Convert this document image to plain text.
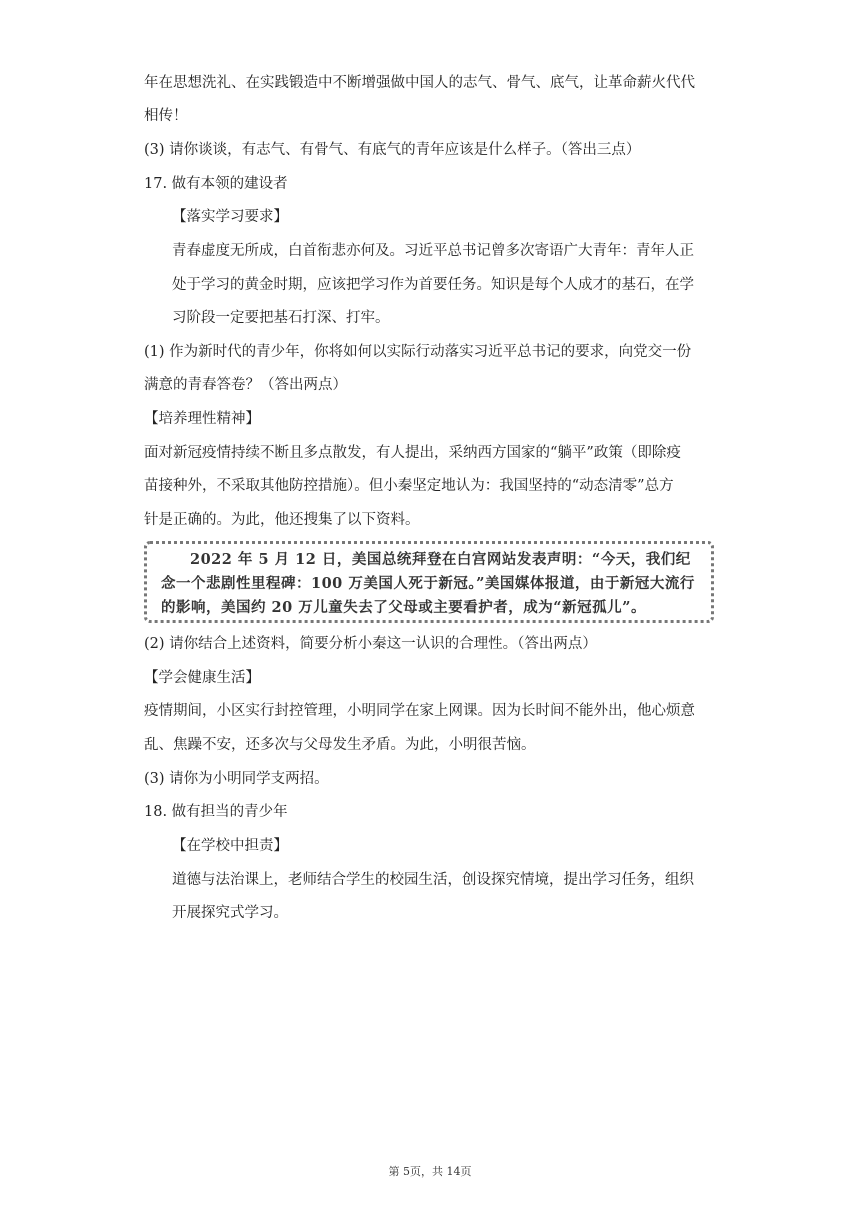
年在思想洗礼、在实践锻造中不断增强做中国人的志气、骨气、底气，让革命薪火代代
相传！
(3) 请你谈谈，有志气、有骨气、有底气的青年应该是什么样子。（答出三点）
17. 做有本领的建设者
【落实学习要求】
青春虚度无所成，白首衔悲亦何及。习近平总书记曾多次寄语广大青年：青年人正
处于学习的黄金时期，应该把学习作为首要任务。知识是每个人成才的基石，在学
习阶段一定要把基石打深、打牢。
(1) 作为新时代的青少年，你将如何以实际行动落实习近平总书记的要求，向党交一份
满意的青春答卷？（答出两点）
【培养理性精神】
面对新冠疫情持续不断且多点散发，有人提出，采纳西方国家的“躺平”政策（即除疫
苗接种外，不采取其他防控措施）。但小秦坚定地认为：我国坚持的“动态清零”总方
针是正确的。为此，他还搜集了以下资料。
2022 年 5 月 12 日，美国总统拜登在白宫网站发表声明：“今天，我们纪念一个悲剧性里程碑：100 万美国人死于新冠。”美国媒体报道，由于新冠大流行的影响，美国约 20 万儿童失去了父母或主要看护者，成为“新冠孤儿”。
(2) 请你结合上述资料，简要分析小秦这一认识的合理性。（答出两点）
【学会健康生活】
疫情期间，小区实行封控管理，小明同学在家上网课。因为长时间不能外出，他心烦意
乱、焦躁不安，还多次与父母发生矛盾。为此，小明很苦恼。
(3) 请你为小明同学支两招。
18. 做有担当的青少年
【在学校中担责】
道德与法治课上，老师结合学生的校园生活，创设探究情境，提出学习任务，组织
开展探究式学习。
第 5页，共 14页
